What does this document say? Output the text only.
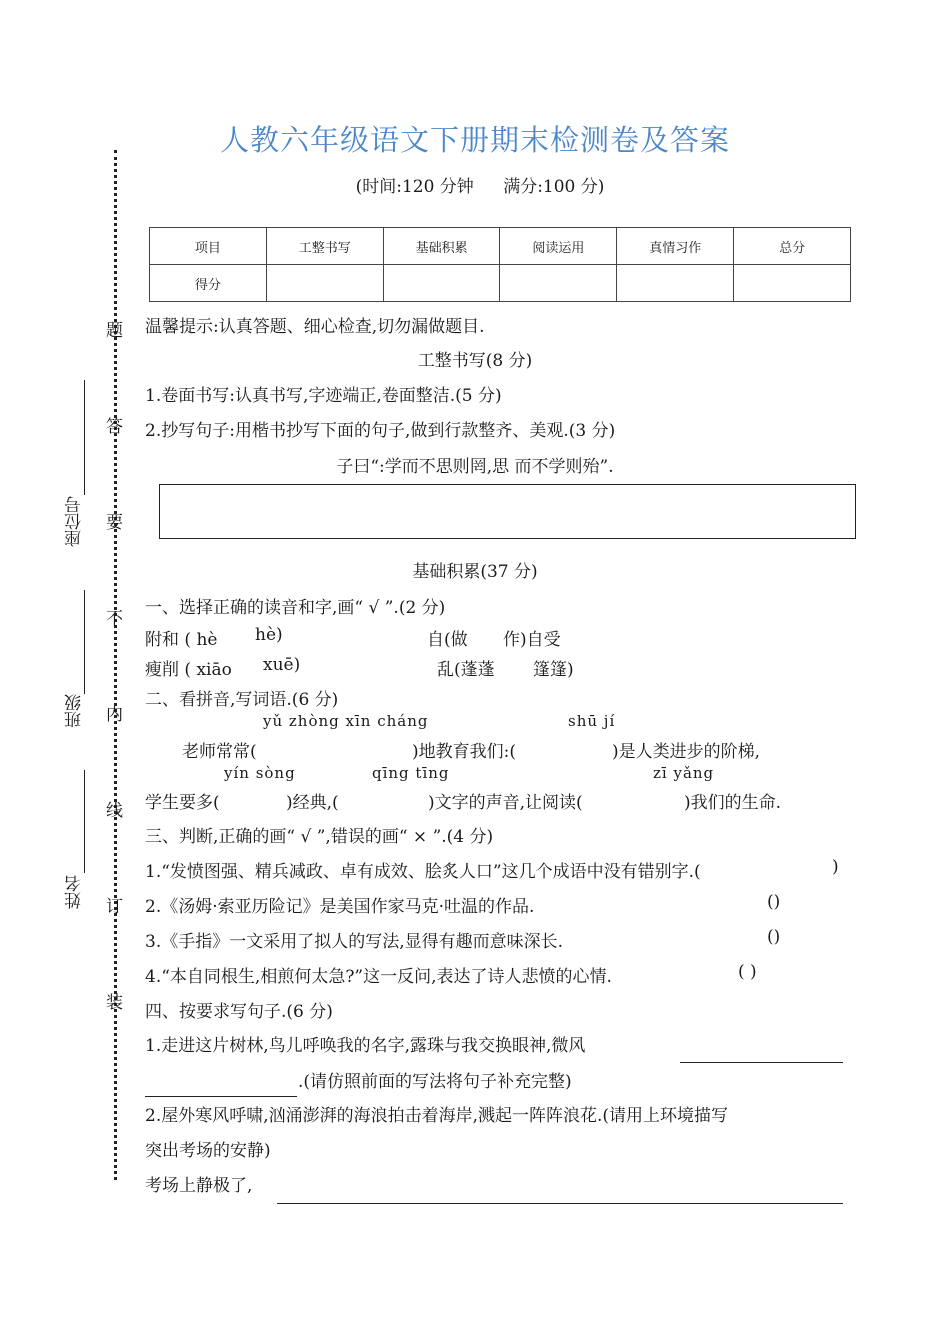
人教六年级语文下册期末检测卷及答案
(时间:120 分钟 满分:100 分)
项目	工整书写	基础积累	阅读运用	真情习作	总分
得分					
温馨提示:认真答题、细心检查,切勿漏做题目.
工整书写(8 分)
1.卷面书写:认真书写,字迹端正,卷面整洁.(5 分)
2.抄写句子:用楷书抄写下面的句子,做到行款整齐、美观.(3 分)
子曰“:学而不思则罔,思 而不学则殆”.
基础积累(37 分)
一、选择正确的读音和字,画“ √ ”.(2 分)
附和 ( hè hè)	自(做 作)自受
瘦削 ( xiāo xuē)	乱(蓬蓬 篷篷)
二、看拼音,写词语.(6 分)
yǔ zhòng xīn cháng	shū jí
老师常常(	)地教育我们:(	)是人类进步的阶梯,
yín sòng	qīng tīng	zī yǎng
学生要多(	)经典,(	)文字的声音,让阅读(	)我们的生命.
三、判断,正确的画“ √ ”,错误的画“ × ”.(4 分)
1.“发愤图强、精兵减政、卓有成效、脍炙人口”这几个成语中没有错别字.(	)
2.《汤姆·索亚历险记》是美国作家马克·吐温的作品.	()
3.《手指》一文采用了拟人的写法,显得有趣而意味深长.	()
4.“本自同根生,相煎何太急?”这一反问,表达了诗人悲愤的心情.	( )
四、按要求写句子.(6 分)
1.走进这片树林,鸟儿呼唤我的名字,露珠与我交换眼神,微风
.(请仿照前面的写法将句子补充完整)
2.屋外寒风呼啸,汹涌澎湃的海浪拍击着海岸,溅起一阵阵浪花.(请用上环境描写
突出考场的安静)
考场上静极了,
题
答
要
不
内
线
订
装
座位号
班级
姓名
